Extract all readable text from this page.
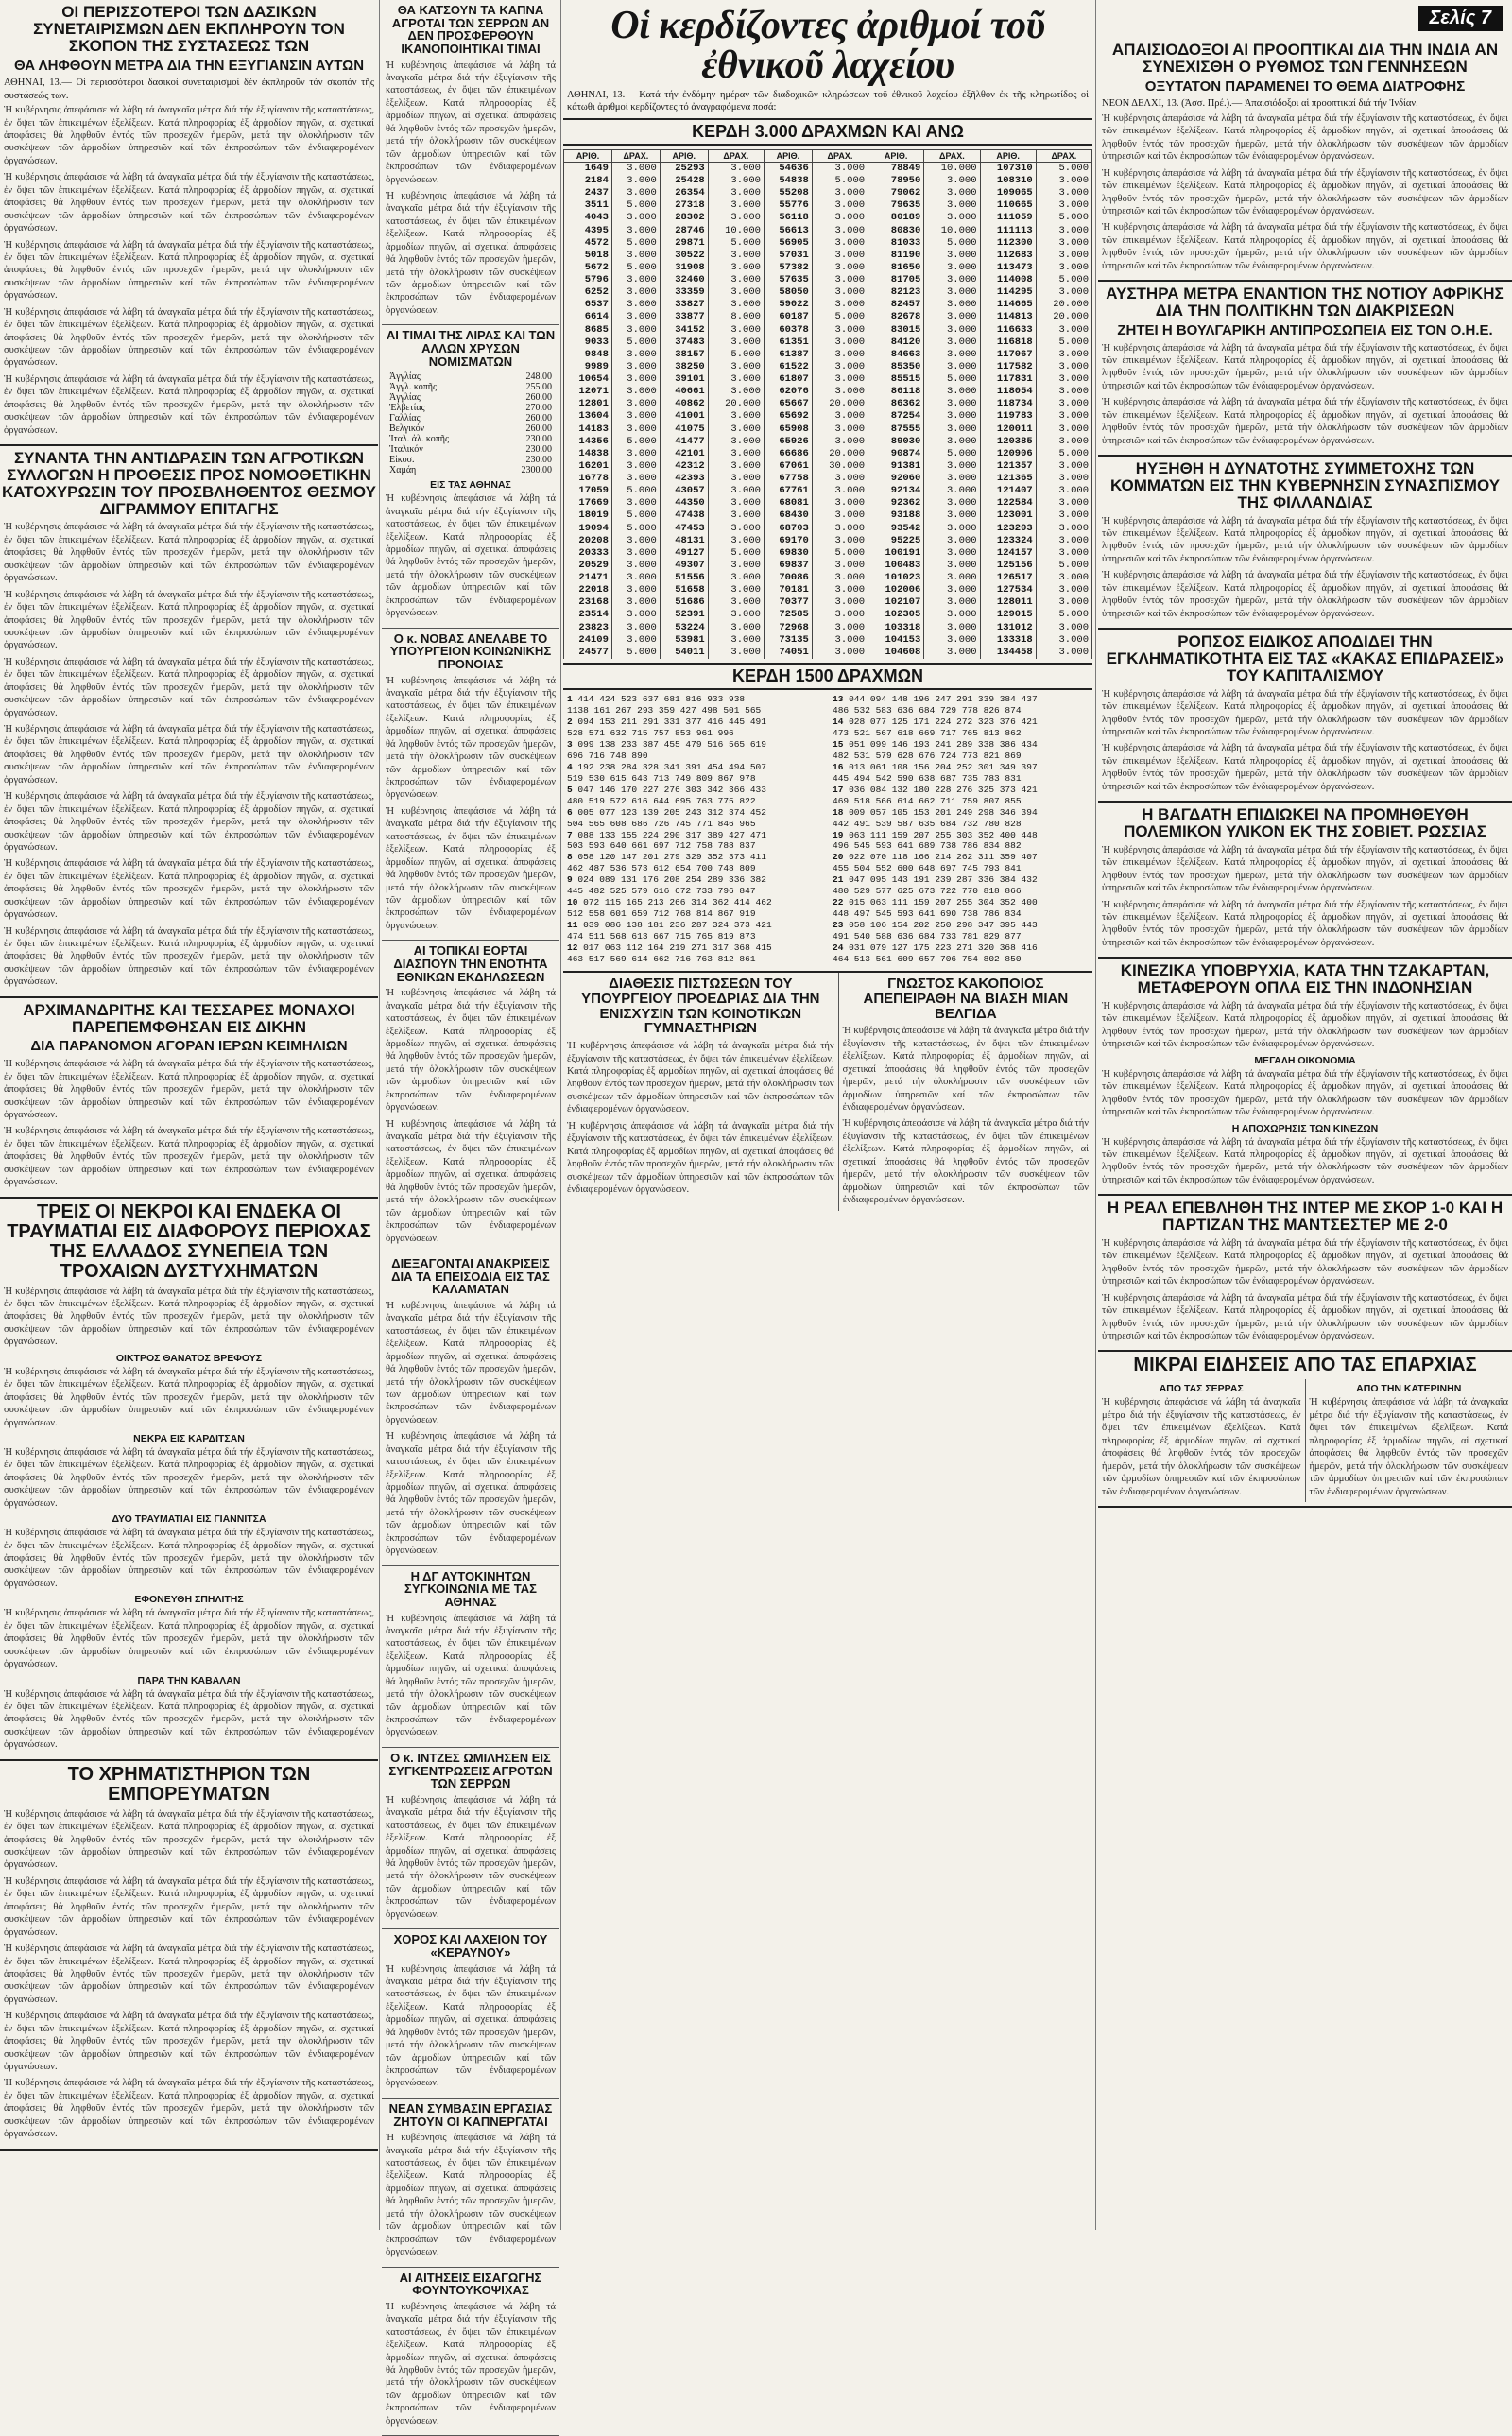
ΟΙ ΠΕΡΙΣΣΟΤΕΡΟΙ ΤΩΝ ΔΑΣΙΚΩΝ ΣΥΝΕΤΑΙΡΙΣΜΩΝ ΔΕΝ ΕΚΠΛΗΡΟΥΝ ΤΟΝ ΣΚΟΠΟΝ ΤΗΣ ΣΥΣΤΑΣΕΩΣ ΤΩΝ
ΘΑ ΛΗΦΘΟΥΝ ΜΕΤΡΑ ΔΙΑ ΤΗΝ ΕΞΥΓΙΑΝΣΙΝ ΑΥΤΩΝ
ΑΘΗΝΑΙ, 13.— Οἱ περισσότεροι δασικοί συνεταιρισμοί δέν ἐκπληροῦν τόν σκοπόν τῆς συστάσεώς των.
Ἡ κυβέρνησις ἀπεφάσισε νά λάβη τά ἀναγκαῖα μέτρα διά τήν ἐξυγίανσιν τῆς καταστάσεως, ἐν ὄψει τῶν ἐπικειμένων ἐξελίξεων. Κατά πληροφορίας ἐξ ἁρμοδίων πηγῶν, αἱ σχετικαί ἀποφάσεις θά ληφθοῦν ἐντός τῶν προσεχῶν ἡμερῶν, μετά τήν ὁλοκλήρωσιν τῶν συσκέψεων τῶν ἁρμοδίων ὑπηρεσιῶν καί τῶν ἐκπροσώπων τῶν ἐνδιαφερομένων ὀργανώσεων.
Ἡ κυβέρνησις ἀπεφάσισε νά λάβη τά ἀναγκαῖα μέτρα διά τήν ἐξυγίανσιν τῆς καταστάσεως, ἐν ὄψει τῶν ἐπικειμένων ἐξελίξεων. Κατά πληροφορίας ἐξ ἁρμοδίων πηγῶν, αἱ σχετικαί ἀποφάσεις θά ληφθοῦν ἐντός τῶν προσεχῶν ἡμερῶν, μετά τήν ὁλοκλήρωσιν τῶν συσκέψεων τῶν ἁρμοδίων ὑπηρεσιῶν καί τῶν ἐκπροσώπων τῶν ἐνδιαφερομένων ὀργανώσεων.
Ἡ κυβέρνησις ἀπεφάσισε νά λάβη τά ἀναγκαῖα μέτρα διά τήν ἐξυγίανσιν τῆς καταστάσεως, ἐν ὄψει τῶν ἐπικειμένων ἐξελίξεων. Κατά πληροφορίας ἐξ ἁρμοδίων πηγῶν, αἱ σχετικαί ἀποφάσεις θά ληφθοῦν ἐντός τῶν προσεχῶν ἡμερῶν, μετά τήν ὁλοκλήρωσιν τῶν συσκέψεων τῶν ἁρμοδίων ὑπηρεσιῶν καί τῶν ἐκπροσώπων τῶν ἐνδιαφερομένων ὀργανώσεων.
Ἡ κυβέρνησις ἀπεφάσισε νά λάβη τά ἀναγκαῖα μέτρα διά τήν ἐξυγίανσιν τῆς καταστάσεως, ἐν ὄψει τῶν ἐπικειμένων ἐξελίξεων. Κατά πληροφορίας ἐξ ἁρμοδίων πηγῶν, αἱ σχετικαί ἀποφάσεις θά ληφθοῦν ἐντός τῶν προσεχῶν ἡμερῶν, μετά τήν ὁλοκλήρωσιν τῶν συσκέψεων τῶν ἁρμοδίων ὑπηρεσιῶν καί τῶν ἐκπροσώπων τῶν ἐνδιαφερομένων ὀργανώσεων.
Ἡ κυβέρνησις ἀπεφάσισε νά λάβη τά ἀναγκαῖα μέτρα διά τήν ἐξυγίανσιν τῆς καταστάσεως, ἐν ὄψει τῶν ἐπικειμένων ἐξελίξεων. Κατά πληροφορίας ἐξ ἁρμοδίων πηγῶν, αἱ σχετικαί ἀποφάσεις θά ληφθοῦν ἐντός τῶν προσεχῶν ἡμερῶν, μετά τήν ὁλοκλήρωσιν τῶν συσκέψεων τῶν ἁρμοδίων ὑπηρεσιῶν καί τῶν ἐκπροσώπων τῶν ἐνδιαφερομένων ὀργανώσεων.
ΣΥΝΑΝΤΑ ΤΗΝ ΑΝΤΙΔΡΑΣΙΝ ΤΩΝ ΑΓΡΟΤΙΚΩΝ ΣΥΛΛΟΓΩΝ Η ΠΡΟΘΕΣΙΣ ΠΡΟΣ ΝΟΜΟΘΕΤΙΚΗΝ ΚΑΤΟΧΥΡΩΣΙΝ ΤΟΥ ΠΡΟΣΒΛΗΘΕΝΤΟΣ ΘΕΣΜΟΥ ΔΙΓΡΑΜΜΟΥ ΕΠΙΤΑΓΗΣ
Ἡ κυβέρνησις ἀπεφάσισε νά λάβη τά ἀναγκαῖα μέτρα διά τήν ἐξυγίανσιν τῆς καταστάσεως, ἐν ὄψει τῶν ἐπικειμένων ἐξελίξεων. Κατά πληροφορίας ἐξ ἁρμοδίων πηγῶν, αἱ σχετικαί ἀποφάσεις θά ληφθοῦν ἐντός τῶν προσεχῶν ἡμερῶν, μετά τήν ὁλοκλήρωσιν τῶν συσκέψεων τῶν ἁρμοδίων ὑπηρεσιῶν καί τῶν ἐκπροσώπων τῶν ἐνδιαφερομένων ὀργανώσεων.
Ἡ κυβέρνησις ἀπεφάσισε νά λάβη τά ἀναγκαῖα μέτρα διά τήν ἐξυγίανσιν τῆς καταστάσεως, ἐν ὄψει τῶν ἐπικειμένων ἐξελίξεων. Κατά πληροφορίας ἐξ ἁρμοδίων πηγῶν, αἱ σχετικαί ἀποφάσεις θά ληφθοῦν ἐντός τῶν προσεχῶν ἡμερῶν, μετά τήν ὁλοκλήρωσιν τῶν συσκέψεων τῶν ἁρμοδίων ὑπηρεσιῶν καί τῶν ἐκπροσώπων τῶν ἐνδιαφερομένων ὀργανώσεων.
Ἡ κυβέρνησις ἀπεφάσισε νά λάβη τά ἀναγκαῖα μέτρα διά τήν ἐξυγίανσιν τῆς καταστάσεως, ἐν ὄψει τῶν ἐπικειμένων ἐξελίξεων. Κατά πληροφορίας ἐξ ἁρμοδίων πηγῶν, αἱ σχετικαί ἀποφάσεις θά ληφθοῦν ἐντός τῶν προσεχῶν ἡμερῶν, μετά τήν ὁλοκλήρωσιν τῶν συσκέψεων τῶν ἁρμοδίων ὑπηρεσιῶν καί τῶν ἐκπροσώπων τῶν ἐνδιαφερομένων ὀργανώσεων.
Ἡ κυβέρνησις ἀπεφάσισε νά λάβη τά ἀναγκαῖα μέτρα διά τήν ἐξυγίανσιν τῆς καταστάσεως, ἐν ὄψει τῶν ἐπικειμένων ἐξελίξεων. Κατά πληροφορίας ἐξ ἁρμοδίων πηγῶν, αἱ σχετικαί ἀποφάσεις θά ληφθοῦν ἐντός τῶν προσεχῶν ἡμερῶν, μετά τήν ὁλοκλήρωσιν τῶν συσκέψεων τῶν ἁρμοδίων ὑπηρεσιῶν καί τῶν ἐκπροσώπων τῶν ἐνδιαφερομένων ὀργανώσεων.
Ἡ κυβέρνησις ἀπεφάσισε νά λάβη τά ἀναγκαῖα μέτρα διά τήν ἐξυγίανσιν τῆς καταστάσεως, ἐν ὄψει τῶν ἐπικειμένων ἐξελίξεων. Κατά πληροφορίας ἐξ ἁρμοδίων πηγῶν, αἱ σχετικαί ἀποφάσεις θά ληφθοῦν ἐντός τῶν προσεχῶν ἡμερῶν, μετά τήν ὁλοκλήρωσιν τῶν συσκέψεων τῶν ἁρμοδίων ὑπηρεσιῶν καί τῶν ἐκπροσώπων τῶν ἐνδιαφερομένων ὀργανώσεων.
Ἡ κυβέρνησις ἀπεφάσισε νά λάβη τά ἀναγκαῖα μέτρα διά τήν ἐξυγίανσιν τῆς καταστάσεως, ἐν ὄψει τῶν ἐπικειμένων ἐξελίξεων. Κατά πληροφορίας ἐξ ἁρμοδίων πηγῶν, αἱ σχετικαί ἀποφάσεις θά ληφθοῦν ἐντός τῶν προσεχῶν ἡμερῶν, μετά τήν ὁλοκλήρωσιν τῶν συσκέψεων τῶν ἁρμοδίων ὑπηρεσιῶν καί τῶν ἐκπροσώπων τῶν ἐνδιαφερομένων ὀργανώσεων.
Ἡ κυβέρνησις ἀπεφάσισε νά λάβη τά ἀναγκαῖα μέτρα διά τήν ἐξυγίανσιν τῆς καταστάσεως, ἐν ὄψει τῶν ἐπικειμένων ἐξελίξεων. Κατά πληροφορίας ἐξ ἁρμοδίων πηγῶν, αἱ σχετικαί ἀποφάσεις θά ληφθοῦν ἐντός τῶν προσεχῶν ἡμερῶν, μετά τήν ὁλοκλήρωσιν τῶν συσκέψεων τῶν ἁρμοδίων ὑπηρεσιῶν καί τῶν ἐκπροσώπων τῶν ἐνδιαφερομένων ὀργανώσεων.
ΑΡΧΙΜΑΝΔΡΙΤΗΣ ΚΑΙ ΤΕΣΣΑΡΕΣ ΜΟΝΑΧΟΙ ΠΑΡΕΠΕΜΦΘΗΣΑΝ ΕΙΣ ΔΙΚΗΝ
ΔΙΑ ΠΑΡΑΝΟΜΟΝ ΑΓΟΡΑΝ ΙΕΡΩΝ ΚΕΙΜΗΛΙΩΝ
Ἡ κυβέρνησις ἀπεφάσισε νά λάβη τά ἀναγκαῖα μέτρα διά τήν ἐξυγίανσιν τῆς καταστάσεως, ἐν ὄψει τῶν ἐπικειμένων ἐξελίξεων. Κατά πληροφορίας ἐξ ἁρμοδίων πηγῶν, αἱ σχετικαί ἀποφάσεις θά ληφθοῦν ἐντός τῶν προσεχῶν ἡμερῶν, μετά τήν ὁλοκλήρωσιν τῶν συσκέψεων τῶν ἁρμοδίων ὑπηρεσιῶν καί τῶν ἐκπροσώπων τῶν ἐνδιαφερομένων ὀργανώσεων.
Ἡ κυβέρνησις ἀπεφάσισε νά λάβη τά ἀναγκαῖα μέτρα διά τήν ἐξυγίανσιν τῆς καταστάσεως, ἐν ὄψει τῶν ἐπικειμένων ἐξελίξεων. Κατά πληροφορίας ἐξ ἁρμοδίων πηγῶν, αἱ σχετικαί ἀποφάσεις θά ληφθοῦν ἐντός τῶν προσεχῶν ἡμερῶν, μετά τήν ὁλοκλήρωσιν τῶν συσκέψεων τῶν ἁρμοδίων ὑπηρεσιῶν καί τῶν ἐκπροσώπων τῶν ἐνδιαφερομένων ὀργανώσεων.
ΤΡΕΙΣ ΟΙ ΝΕΚΡΟΙ ΚΑΙ ΕΝΔΕΚΑ ΟΙ ΤΡΑΥΜΑΤΙΑΙ ΕΙΣ ΔΙΑΦΟΡΟΥΣ ΠΕΡΙΟΧΑΣ ΤΗΣ ΕΛΛΑΔΟΣ ΣΥΝΕΠΕΙΑ ΤΩΝ ΤΡΟΧΑΙΩΝ ΔΥΣΤΥΧΗΜΑΤΩΝ
Ἡ κυβέρνησις ἀπεφάσισε νά λάβη τά ἀναγκαῖα μέτρα διά τήν ἐξυγίανσιν τῆς καταστάσεως, ἐν ὄψει τῶν ἐπικειμένων ἐξελίξεων. Κατά πληροφορίας ἐξ ἁρμοδίων πηγῶν, αἱ σχετικαί ἀποφάσεις θά ληφθοῦν ἐντός τῶν προσεχῶν ἡμερῶν, μετά τήν ὁλοκλήρωσιν τῶν συσκέψεων τῶν ἁρμοδίων ὑπηρεσιῶν καί τῶν ἐκπροσώπων τῶν ἐνδιαφερομένων ὀργανώσεων.
ΟΙΚΤΡΟΣ ΘΑΝΑΤΟΣ ΒΡΕΦΟΥΣ
Ἡ κυβέρνησις ἀπεφάσισε νά λάβη τά ἀναγκαῖα μέτρα διά τήν ἐξυγίανσιν τῆς καταστάσεως, ἐν ὄψει τῶν ἐπικειμένων ἐξελίξεων. Κατά πληροφορίας ἐξ ἁρμοδίων πηγῶν, αἱ σχετικαί ἀποφάσεις θά ληφθοῦν ἐντός τῶν προσεχῶν ἡμερῶν, μετά τήν ὁλοκλήρωσιν τῶν συσκέψεων τῶν ἁρμοδίων ὑπηρεσιῶν καί τῶν ἐκπροσώπων τῶν ἐνδιαφερομένων ὀργανώσεων.
ΝΕΚΡΑ ΕΙΣ ΚΑΡΔΙΤΣΑΝ
Ἡ κυβέρνησις ἀπεφάσισε νά λάβη τά ἀναγκαῖα μέτρα διά τήν ἐξυγίανσιν τῆς καταστάσεως, ἐν ὄψει τῶν ἐπικειμένων ἐξελίξεων. Κατά πληροφορίας ἐξ ἁρμοδίων πηγῶν, αἱ σχετικαί ἀποφάσεις θά ληφθοῦν ἐντός τῶν προσεχῶν ἡμερῶν, μετά τήν ὁλοκλήρωσιν τῶν συσκέψεων τῶν ἁρμοδίων ὑπηρεσιῶν καί τῶν ἐκπροσώπων τῶν ἐνδιαφερομένων ὀργανώσεων.
ΔΥΟ ΤΡΑΥΜΑΤΙΑΙ ΕΙΣ ΓΙΑΝΝΙΤΣΑ
Ἡ κυβέρνησις ἀπεφάσισε νά λάβη τά ἀναγκαῖα μέτρα διά τήν ἐξυγίανσιν τῆς καταστάσεως, ἐν ὄψει τῶν ἐπικειμένων ἐξελίξεων. Κατά πληροφορίας ἐξ ἁρμοδίων πηγῶν, αἱ σχετικαί ἀποφάσεις θά ληφθοῦν ἐντός τῶν προσεχῶν ἡμερῶν, μετά τήν ὁλοκλήρωσιν τῶν συσκέψεων τῶν ἁρμοδίων ὑπηρεσιῶν καί τῶν ἐκπροσώπων τῶν ἐνδιαφερομένων ὀργανώσεων.
ΕΦΟΝΕΥΘΗ ΣΠΗΛΙΤΗΣ
Ἡ κυβέρνησις ἀπεφάσισε νά λάβη τά ἀναγκαῖα μέτρα διά τήν ἐξυγίανσιν τῆς καταστάσεως, ἐν ὄψει τῶν ἐπικειμένων ἐξελίξεων. Κατά πληροφορίας ἐξ ἁρμοδίων πηγῶν, αἱ σχετικαί ἀποφάσεις θά ληφθοῦν ἐντός τῶν προσεχῶν ἡμερῶν, μετά τήν ὁλοκλήρωσιν τῶν συσκέψεων τῶν ἁρμοδίων ὑπηρεσιῶν καί τῶν ἐκπροσώπων τῶν ἐνδιαφερομένων ὀργανώσεων.
ΠΑΡΑ ΤΗΝ ΚΑΒΑΛΑΝ
Ἡ κυβέρνησις ἀπεφάσισε νά λάβη τά ἀναγκαῖα μέτρα διά τήν ἐξυγίανσιν τῆς καταστάσεως, ἐν ὄψει τῶν ἐπικειμένων ἐξελίξεων. Κατά πληροφορίας ἐξ ἁρμοδίων πηγῶν, αἱ σχετικαί ἀποφάσεις θά ληφθοῦν ἐντός τῶν προσεχῶν ἡμερῶν, μετά τήν ὁλοκλήρωσιν τῶν συσκέψεων τῶν ἁρμοδίων ὑπηρεσιῶν καί τῶν ἐκπροσώπων τῶν ἐνδιαφερομένων ὀργανώσεων.
ΤΟ ΧΡΗΜΑΤΙΣΤΗΡΙΟΝ ΤΩΝ ΕΜΠΟΡΕΥΜΑΤΩΝ
Ἡ κυβέρνησις ἀπεφάσισε νά λάβη τά ἀναγκαῖα μέτρα διά τήν ἐξυγίανσιν τῆς καταστάσεως, ἐν ὄψει τῶν ἐπικειμένων ἐξελίξεων. Κατά πληροφορίας ἐξ ἁρμοδίων πηγῶν, αἱ σχετικαί ἀποφάσεις θά ληφθοῦν ἐντός τῶν προσεχῶν ἡμερῶν, μετά τήν ὁλοκλήρωσιν τῶν συσκέψεων τῶν ἁρμοδίων ὑπηρεσιῶν καί τῶν ἐκπροσώπων τῶν ἐνδιαφερομένων ὀργανώσεων.
Ἡ κυβέρνησις ἀπεφάσισε νά λάβη τά ἀναγκαῖα μέτρα διά τήν ἐξυγίανσιν τῆς καταστάσεως, ἐν ὄψει τῶν ἐπικειμένων ἐξελίξεων. Κατά πληροφορίας ἐξ ἁρμοδίων πηγῶν, αἱ σχετικαί ἀποφάσεις θά ληφθοῦν ἐντός τῶν προσεχῶν ἡμερῶν, μετά τήν ὁλοκλήρωσιν τῶν συσκέψεων τῶν ἁρμοδίων ὑπηρεσιῶν καί τῶν ἐκπροσώπων τῶν ἐνδιαφερομένων ὀργανώσεων.
Ἡ κυβέρνησις ἀπεφάσισε νά λάβη τά ἀναγκαῖα μέτρα διά τήν ἐξυγίανσιν τῆς καταστάσεως, ἐν ὄψει τῶν ἐπικειμένων ἐξελίξεων. Κατά πληροφορίας ἐξ ἁρμοδίων πηγῶν, αἱ σχετικαί ἀποφάσεις θά ληφθοῦν ἐντός τῶν προσεχῶν ἡμερῶν, μετά τήν ὁλοκλήρωσιν τῶν συσκέψεων τῶν ἁρμοδίων ὑπηρεσιῶν καί τῶν ἐκπροσώπων τῶν ἐνδιαφερομένων ὀργανώσεων.
Ἡ κυβέρνησις ἀπεφάσισε νά λάβη τά ἀναγκαῖα μέτρα διά τήν ἐξυγίανσιν τῆς καταστάσεως, ἐν ὄψει τῶν ἐπικειμένων ἐξελίξεων. Κατά πληροφορίας ἐξ ἁρμοδίων πηγῶν, αἱ σχετικαί ἀποφάσεις θά ληφθοῦν ἐντός τῶν προσεχῶν ἡμερῶν, μετά τήν ὁλοκλήρωσιν τῶν συσκέψεων τῶν ἁρμοδίων ὑπηρεσιῶν καί τῶν ἐκπροσώπων τῶν ἐνδιαφερομένων ὀργανώσεων.
Ἡ κυβέρνησις ἀπεφάσισε νά λάβη τά ἀναγκαῖα μέτρα διά τήν ἐξυγίανσιν τῆς καταστάσεως, ἐν ὄψει τῶν ἐπικειμένων ἐξελίξεων. Κατά πληροφορίας ἐξ ἁρμοδίων πηγῶν, αἱ σχετικαί ἀποφάσεις θά ληφθοῦν ἐντός τῶν προσεχῶν ἡμερῶν, μετά τήν ὁλοκλήρωσιν τῶν συσκέψεων τῶν ἁρμοδίων ὑπηρεσιῶν καί τῶν ἐκπροσώπων τῶν ἐνδιαφερομένων ὀργανώσεων.
ΘΑ ΚΑΤΣΟΥΝ ΤΑ ΚΑΠΝΑ ΑΓΡΟΤΑΙ ΤΩΝ ΣΕΡΡΩΝ ΑΝ ΔΕΝ ΠΡΟΣΦΕΡΘΟΥΝ ΙΚΑΝΟΠΟΙΗΤΙΚΑΙ ΤΙΜΑΙ
Ἡ κυβέρνησις ἀπεφάσισε νά λάβη τά ἀναγκαῖα μέτρα διά τήν ἐξυγίανσιν τῆς καταστάσεως, ἐν ὄψει τῶν ἐπικειμένων ἐξελίξεων. Κατά πληροφορίας ἐξ ἁρμοδίων πηγῶν, αἱ σχετικαί ἀποφάσεις θά ληφθοῦν ἐντός τῶν προσεχῶν ἡμερῶν, μετά τήν ὁλοκλήρωσιν τῶν συσκέψεων τῶν ἁρμοδίων ὑπηρεσιῶν καί τῶν ἐκπροσώπων τῶν ἐνδιαφερομένων ὀργανώσεων.
Ἡ κυβέρνησις ἀπεφάσισε νά λάβη τά ἀναγκαῖα μέτρα διά τήν ἐξυγίανσιν τῆς καταστάσεως, ἐν ὄψει τῶν ἐπικειμένων ἐξελίξεων. Κατά πληροφορίας ἐξ ἁρμοδίων πηγῶν, αἱ σχετικαί ἀποφάσεις θά ληφθοῦν ἐντός τῶν προσεχῶν ἡμερῶν, μετά τήν ὁλοκλήρωσιν τῶν συσκέψεων τῶν ἁρμοδίων ὑπηρεσιῶν καί τῶν ἐκπροσώπων τῶν ἐνδιαφερομένων ὀργανώσεων.
ΑΙ ΤΙΜΑΙ ΤΗΣ ΛΙΡΑΣ ΚΑΙ ΤΩΝ ΑΛΛΩΝ ΧΡΥΣΩΝ ΝΟΜΙΣΜΑΤΩΝ
Ἀγγλίας	248.00
Ἀγγλ. κοπῆς	255.00
Ἀγγλίας	260.00
Ἑλβετίας	270.00
Γαλλίας	260.00
Βελγικόν	260.00
Ἰταλ. ἀλ. κοπῆς	230.00
Ἰταλικόν	230.00
Εἰκοσ.	230.00
Χαμάη	2300.00
ΕΙΣ ΤΑΣ ΑΘΗΝΑΣ
Ἡ κυβέρνησις ἀπεφάσισε νά λάβη τά ἀναγκαῖα μέτρα διά τήν ἐξυγίανσιν τῆς καταστάσεως, ἐν ὄψει τῶν ἐπικειμένων ἐξελίξεων. Κατά πληροφορίας ἐξ ἁρμοδίων πηγῶν, αἱ σχετικαί ἀποφάσεις θά ληφθοῦν ἐντός τῶν προσεχῶν ἡμερῶν, μετά τήν ὁλοκλήρωσιν τῶν συσκέψεων τῶν ἁρμοδίων ὑπηρεσιῶν καί τῶν ἐκπροσώπων τῶν ἐνδιαφερομένων ὀργανώσεων.
Ο κ. ΝΟΒΑΣ ΑΝΕΛΑΒΕ ΤΟ ΥΠΟΥΡΓΕΙΟΝ ΚΟΙΝΩΝΙΚΗΣ ΠΡΟΝΟΙΑΣ
Ἡ κυβέρνησις ἀπεφάσισε νά λάβη τά ἀναγκαῖα μέτρα διά τήν ἐξυγίανσιν τῆς καταστάσεως, ἐν ὄψει τῶν ἐπικειμένων ἐξελίξεων. Κατά πληροφορίας ἐξ ἁρμοδίων πηγῶν, αἱ σχετικαί ἀποφάσεις θά ληφθοῦν ἐντός τῶν προσεχῶν ἡμερῶν, μετά τήν ὁλοκλήρωσιν τῶν συσκέψεων τῶν ἁρμοδίων ὑπηρεσιῶν καί τῶν ἐκπροσώπων τῶν ἐνδιαφερομένων ὀργανώσεων.
Ἡ κυβέρνησις ἀπεφάσισε νά λάβη τά ἀναγκαῖα μέτρα διά τήν ἐξυγίανσιν τῆς καταστάσεως, ἐν ὄψει τῶν ἐπικειμένων ἐξελίξεων. Κατά πληροφορίας ἐξ ἁρμοδίων πηγῶν, αἱ σχετικαί ἀποφάσεις θά ληφθοῦν ἐντός τῶν προσεχῶν ἡμερῶν, μετά τήν ὁλοκλήρωσιν τῶν συσκέψεων τῶν ἁρμοδίων ὑπηρεσιῶν καί τῶν ἐκπροσώπων τῶν ἐνδιαφερομένων ὀργανώσεων.
ΑΙ ΤΟΠΙΚΑΙ ΕΟΡΤΑΙ ΔΙΑΣΠΟΥΝ ΤΗΝ ΕΝΟΤΗΤΑ ΕΘΝΙΚΩΝ ΕΚΔΗΛΩΣΕΩΝ
Ἡ κυβέρνησις ἀπεφάσισε νά λάβη τά ἀναγκαῖα μέτρα διά τήν ἐξυγίανσιν τῆς καταστάσεως, ἐν ὄψει τῶν ἐπικειμένων ἐξελίξεων. Κατά πληροφορίας ἐξ ἁρμοδίων πηγῶν, αἱ σχετικαί ἀποφάσεις θά ληφθοῦν ἐντός τῶν προσεχῶν ἡμερῶν, μετά τήν ὁλοκλήρωσιν τῶν συσκέψεων τῶν ἁρμοδίων ὑπηρεσιῶν καί τῶν ἐκπροσώπων τῶν ἐνδιαφερομένων ὀργανώσεων.
Ἡ κυβέρνησις ἀπεφάσισε νά λάβη τά ἀναγκαῖα μέτρα διά τήν ἐξυγίανσιν τῆς καταστάσεως, ἐν ὄψει τῶν ἐπικειμένων ἐξελίξεων. Κατά πληροφορίας ἐξ ἁρμοδίων πηγῶν, αἱ σχετικαί ἀποφάσεις θά ληφθοῦν ἐντός τῶν προσεχῶν ἡμερῶν, μετά τήν ὁλοκλήρωσιν τῶν συσκέψεων τῶν ἁρμοδίων ὑπηρεσιῶν καί τῶν ἐκπροσώπων τῶν ἐνδιαφερομένων ὀργανώσεων.
ΔΙΕΞΑΓΟΝΤΑΙ ΑΝΑΚΡΙΣΕΙΣ ΔΙΑ ΤΑ ΕΠΕΙΣΟΔΙΑ ΕΙΣ ΤΑΣ ΚΑΛΑΜΑΤΑΝ
Ἡ κυβέρνησις ἀπεφάσισε νά λάβη τά ἀναγκαῖα μέτρα διά τήν ἐξυγίανσιν τῆς καταστάσεως, ἐν ὄψει τῶν ἐπικειμένων ἐξελίξεων. Κατά πληροφορίας ἐξ ἁρμοδίων πηγῶν, αἱ σχετικαί ἀποφάσεις θά ληφθοῦν ἐντός τῶν προσεχῶν ἡμερῶν, μετά τήν ὁλοκλήρωσιν τῶν συσκέψεων τῶν ἁρμοδίων ὑπηρεσιῶν καί τῶν ἐκπροσώπων τῶν ἐνδιαφερομένων ὀργανώσεων.
Ἡ κυβέρνησις ἀπεφάσισε νά λάβη τά ἀναγκαῖα μέτρα διά τήν ἐξυγίανσιν τῆς καταστάσεως, ἐν ὄψει τῶν ἐπικειμένων ἐξελίξεων. Κατά πληροφορίας ἐξ ἁρμοδίων πηγῶν, αἱ σχετικαί ἀποφάσεις θά ληφθοῦν ἐντός τῶν προσεχῶν ἡμερῶν, μετά τήν ὁλοκλήρωσιν τῶν συσκέψεων τῶν ἁρμοδίων ὑπηρεσιῶν καί τῶν ἐκπροσώπων τῶν ἐνδιαφερομένων ὀργανώσεων.
Η ΔΓ ΑΥΤΟΚΙΝΗΤΩΝ ΣΥΓΚΟΙΝΩΝΙΑ ΜΕ ΤΑΣ ΑΘΗΝΑΣ
Ἡ κυβέρνησις ἀπεφάσισε νά λάβη τά ἀναγκαῖα μέτρα διά τήν ἐξυγίανσιν τῆς καταστάσεως, ἐν ὄψει τῶν ἐπικειμένων ἐξελίξεων. Κατά πληροφορίας ἐξ ἁρμοδίων πηγῶν, αἱ σχετικαί ἀποφάσεις θά ληφθοῦν ἐντός τῶν προσεχῶν ἡμερῶν, μετά τήν ὁλοκλήρωσιν τῶν συσκέψεων τῶν ἁρμοδίων ὑπηρεσιῶν καί τῶν ἐκπροσώπων τῶν ἐνδιαφερομένων ὀργανώσεων.
Ο κ. ΙΝΤΖΕΣ ΩΜΙΛΗΣΕΝ ΕΙΣ ΣΥΓΚΕΝΤΡΩΣΕΙΣ ΑΓΡΟΤΩΝ ΤΩΝ ΣΕΡΡΩΝ
Ἡ κυβέρνησις ἀπεφάσισε νά λάβη τά ἀναγκαῖα μέτρα διά τήν ἐξυγίανσιν τῆς καταστάσεως, ἐν ὄψει τῶν ἐπικειμένων ἐξελίξεων. Κατά πληροφορίας ἐξ ἁρμοδίων πηγῶν, αἱ σχετικαί ἀποφάσεις θά ληφθοῦν ἐντός τῶν προσεχῶν ἡμερῶν, μετά τήν ὁλοκλήρωσιν τῶν συσκέψεων τῶν ἁρμοδίων ὑπηρεσιῶν καί τῶν ἐκπροσώπων τῶν ἐνδιαφερομένων ὀργανώσεων.
ΧΟΡΟΣ ΚΑΙ ΛΑΧΕΙΟΝ ΤΟΥ «ΚΕΡΑΥΝΟΥ»
Ἡ κυβέρνησις ἀπεφάσισε νά λάβη τά ἀναγκαῖα μέτρα διά τήν ἐξυγίανσιν τῆς καταστάσεως, ἐν ὄψει τῶν ἐπικειμένων ἐξελίξεων. Κατά πληροφορίας ἐξ ἁρμοδίων πηγῶν, αἱ σχετικαί ἀποφάσεις θά ληφθοῦν ἐντός τῶν προσεχῶν ἡμερῶν, μετά τήν ὁλοκλήρωσιν τῶν συσκέψεων τῶν ἁρμοδίων ὑπηρεσιῶν καί τῶν ἐκπροσώπων τῶν ἐνδιαφερομένων ὀργανώσεων.
ΝΕΑΝ ΣΥΜΒΑΣΙΝ ΕΡΓΑΣΙΑΣ ΖΗΤΟΥΝ ΟΙ ΚΑΠΝΕΡΓΑΤΑΙ
Ἡ κυβέρνησις ἀπεφάσισε νά λάβη τά ἀναγκαῖα μέτρα διά τήν ἐξυγίανσιν τῆς καταστάσεως, ἐν ὄψει τῶν ἐπικειμένων ἐξελίξεων. Κατά πληροφορίας ἐξ ἁρμοδίων πηγῶν, αἱ σχετικαί ἀποφάσεις θά ληφθοῦν ἐντός τῶν προσεχῶν ἡμερῶν, μετά τήν ὁλοκλήρωσιν τῶν συσκέψεων τῶν ἁρμοδίων ὑπηρεσιῶν καί τῶν ἐκπροσώπων τῶν ἐνδιαφερομένων ὀργανώσεων.
ΑΙ ΑΙΤΗΣΕΙΣ ΕΙΣΑΓΩΓΗΣ ΦΟΥΝΤΟΥΚΟΨΙΧΑΣ
Ἡ κυβέρνησις ἀπεφάσισε νά λάβη τά ἀναγκαῖα μέτρα διά τήν ἐξυγίανσιν τῆς καταστάσεως, ἐν ὄψει τῶν ἐπικειμένων ἐξελίξεων. Κατά πληροφορίας ἐξ ἁρμοδίων πηγῶν, αἱ σχετικαί ἀποφάσεις θά ληφθοῦν ἐντός τῶν προσεχῶν ἡμερῶν, μετά τήν ὁλοκλήρωσιν τῶν συσκέψεων τῶν ἁρμοδίων ὑπηρεσιῶν καί τῶν ἐκπροσώπων τῶν ἐνδιαφερομένων ὀργανώσεων.
Οἱ κερδίζοντες ἀριθμοί τοῦ ἐθνικοῦ λαχείου
ΑΘΗΝΑΙ, 13.— Κατά τήν ἐνδόμην ημέραν τῶν διαδοχικῶν κληρώσεων τοῦ ἐθνικοῦ λαχείου ἐξῆλθον ἐκ τῆς κληρωτίδος οἱ κάτωθι ἀριθμοί κερδίζοντες τό ἀναγραφόμενα ποσά:
ΚΕΡΔΗ 3.000 ΔΡΑΧΜΩΝ ΚΑΙ ΑΝΩ
ΑΡΙΘ.	ΔΡΑΧ.	ΑΡΙΘ.	ΔΡΑΧ.	ΑΡΙΘ.	ΔΡΑΧ.	ΑΡΙΘ.	ΔΡΑΧ.	ΑΡΙΘ.	ΔΡΑΧ.
1649	3.000	25293	3.000	54636	3.000	78849	10.000	107310	5.000
2184	3.000	25428	3.000	54838	5.000	78950	3.000	108310	3.000
2437	3.000	26354	3.000	55208	3.000	79062	3.000	109065	3.000
3511	5.000	27318	3.000	55776	3.000	79635	3.000	110665	3.000
4043	3.000	28302	3.000	56118	3.000	80189	3.000	111059	5.000
4395	3.000	28746	10.000	56613	3.000	80830	10.000	111113	3.000
4572	5.000	29871	5.000	56905	3.000	81033	5.000	112300	3.000
5018	3.000	30522	3.000	57031	3.000	81190	3.000	112683	3.000
5672	5.000	31908	3.000	57382	3.000	81650	3.000	113473	3.000
5796	3.000	32460	3.000	57635	3.000	81705	3.000	114008	5.000
6252	3.000	33359	3.000	58050	3.000	82123	3.000	114295	3.000
6537	3.000	33827	3.000	59022	3.000	82457	3.000	114665	20.000
6614	3.000	33877	8.000	60187	5.000	82678	3.000	114813	20.000
8685	3.000	34152	3.000	60378	3.000	83015	3.000	116633	3.000
9033	5.000	37483	3.000	61351	3.000	84120	3.000	116818	5.000
9848	3.000	38157	5.000	61387	3.000	84663	3.000	117067	3.000
9989	3.000	38250	3.000	61522	3.000	85350	3.000	117582	3.000
10654	3.000	39101	3.000	61807	3.000	85515	5.000	117831	3.000
12071	3.000	40661	3.000	62076	3.000	86118	3.000	118054	3.000
12801	3.000	40862	20.000	65667	20.000	86362	3.000	118734	3.000
13604	3.000	41001	3.000	65692	3.000	87254	3.000	119783	3.000
14183	3.000	41075	3.000	65908	3.000	87555	3.000	120011	3.000
14356	5.000	41477	3.000	65926	3.000	89030	3.000	120385	3.000
14838	3.000	42101	3.000	66686	20.000	90874	5.000	120906	5.000
16201	3.000	42312	3.000	67061	30.000	91381	3.000	121357	3.000
16778	3.000	42393	3.000	67758	3.000	92060	3.000	121365	3.000
17059	5.000	43057	3.000	67761	3.000	92134	3.000	121407	3.000
17669	3.000	44350	3.000	68081	3.000	92362	3.000	122584	3.000
18019	5.000	47438	3.000	68430	3.000	93188	3.000	123001	3.000
19094	5.000	47453	3.000	68703	3.000	93542	3.000	123203	3.000
20208	3.000	48131	3.000	69170	3.000	95225	3.000	123324	3.000
20333	3.000	49127	5.000	69830	5.000	100191	3.000	124157	3.000
20529	3.000	49307	3.000	69837	3.000	100483	3.000	125156	5.000
21471	3.000	51556	3.000	70086	3.000	101023	3.000	126517	3.000
22018	3.000	51658	3.000	70181	3.000	102006	3.000	127534	3.000
23168	3.000	51686	3.000	70377	3.000	102107	3.000	128011	3.000
23514	3.000	52391	3.000	72585	3.000	102305	3.000	129015	5.000
23823	3.000	53224	3.000	72968	3.000	103318	3.000	131012	3.000
24109	3.000	53981	3.000	73135	3.000	104153	3.000	133318	3.000
24577	5.000	54011	3.000	74051	3.000	104608	3.000	134458	3.000
ΚΕΡΔΗ 1500 ΔΡΑΧΜΩΝ
1 414 424 523 637 681 816 933 938
1138 161 267 293 359 427 498 501 565
2 094 153 211 291 331 377 416 445 491
528 571 632 715 757 853 961 996
3 099 138 233 387 455 479 516 565 619
696 716 748 890
4 192 238 284 328 341 391 454 494 507
519 530 615 643 713 749 809 867 978
5 047 146 170 227 276 303 342 366 433
480 519 572 616 644 695 763 775 822
6 005 077 123 139 205 243 312 374 452
504 565 608 686 726 745 771 846 965
7 088 133 155 224 290 317 389 427 471
503 593 640 661 697 712 758 788 837
8 058 120 147 201 279 329 352 373 411
462 487 536 573 612 654 700 748 809
9 024 089 131 176 208 254 289 336 382
445 482 525 579 616 672 733 796 847
10 072 115 165 213 266 314 362 414 462
512 558 601 659 712 768 814 867 919
11 039 086 138 181 236 287 324 373 421
474 511 568 613 667 715 765 819 873
12 017 063 112 164 219 271 317 368 415
463 517 569 614 662 716 763 812 861
13 044 094 148 196 247 291 339 384 437
486 532 583 636 684 729 778 826 874
14 028 077 125 171 224 272 323 376 421
473 521 567 618 669 717 765 813 862
15 051 099 146 193 241 289 338 386 434
482 531 579 628 676 724 773 821 869
16 013 061 108 156 204 252 301 349 397
445 494 542 590 638 687 735 783 831
17 036 084 132 180 228 276 325 373 421
469 518 566 614 662 711 759 807 855
18 009 057 105 153 201 249 298 346 394
442 491 539 587 635 684 732 780 828
19 063 111 159 207 255 303 352 400 448
496 545 593 641 689 738 786 834 882
20 022 070 118 166 214 262 311 359 407
455 504 552 600 648 697 745 793 841
21 047 095 143 191 239 287 336 384 432
480 529 577 625 673 722 770 818 866
22 015 063 111 159 207 255 304 352 400
448 497 545 593 641 690 738 786 834
23 058 106 154 202 250 298 347 395 443
491 540 588 636 684 733 781 829 877
24 031 079 127 175 223 271 320 368 416
464 513 561 609 657 706 754 802 850
ΔΙΑΘΕΣΙΣ ΠΙΣΤΩΣΕΩΝ ΤΟΥ ΥΠΟΥΡΓΕΙΟΥ ΠΡΟΕΔΡΙΑΣ ΔΙΑ ΤΗΝ ΕΝΙΣΧΥΣΙΝ ΤΩΝ ΚΟΙΝΟΤΙΚΩΝ ΓΥΜΝΑΣΤΗΡΙΩΝ
Ἡ κυβέρνησις ἀπεφάσισε νά λάβη τά ἀναγκαῖα μέτρα διά τήν ἐξυγίανσιν τῆς καταστάσεως, ἐν ὄψει τῶν ἐπικειμένων ἐξελίξεων. Κατά πληροφορίας ἐξ ἁρμοδίων πηγῶν, αἱ σχετικαί ἀποφάσεις θά ληφθοῦν ἐντός τῶν προσεχῶν ἡμερῶν, μετά τήν ὁλοκλήρωσιν τῶν συσκέψεων τῶν ἁρμοδίων ὑπηρεσιῶν καί τῶν ἐκπροσώπων τῶν ἐνδιαφερομένων ὀργανώσεων.
Ἡ κυβέρνησις ἀπεφάσισε νά λάβη τά ἀναγκαῖα μέτρα διά τήν ἐξυγίανσιν τῆς καταστάσεως, ἐν ὄψει τῶν ἐπικειμένων ἐξελίξεων. Κατά πληροφορίας ἐξ ἁρμοδίων πηγῶν, αἱ σχετικαί ἀποφάσεις θά ληφθοῦν ἐντός τῶν προσεχῶν ἡμερῶν, μετά τήν ὁλοκλήρωσιν τῶν συσκέψεων τῶν ἁρμοδίων ὑπηρεσιῶν καί τῶν ἐκπροσώπων τῶν ἐνδιαφερομένων ὀργανώσεων.
ΓΝΩΣΤΟΣ ΚΑΚΟΠΟΙΟΣ ΑΠΕΠΕΙΡΑΘΗ ΝΑ ΒΙΑΣΗ ΜΙΑΝ ΒΕΛΓΙΔΑ
Ἡ κυβέρνησις ἀπεφάσισε νά λάβη τά ἀναγκαῖα μέτρα διά τήν ἐξυγίανσιν τῆς καταστάσεως, ἐν ὄψει τῶν ἐπικειμένων ἐξελίξεων. Κατά πληροφορίας ἐξ ἁρμοδίων πηγῶν, αἱ σχετικαί ἀποφάσεις θά ληφθοῦν ἐντός τῶν προσεχῶν ἡμερῶν, μετά τήν ὁλοκλήρωσιν τῶν συσκέψεων τῶν ἁρμοδίων ὑπηρεσιῶν καί τῶν ἐκπροσώπων τῶν ἐνδιαφερομένων ὀργανώσεων.
Ἡ κυβέρνησις ἀπεφάσισε νά λάβη τά ἀναγκαῖα μέτρα διά τήν ἐξυγίανσιν τῆς καταστάσεως, ἐν ὄψει τῶν ἐπικειμένων ἐξελίξεων. Κατά πληροφορίας ἐξ ἁρμοδίων πηγῶν, αἱ σχετικαί ἀποφάσεις θά ληφθοῦν ἐντός τῶν προσεχῶν ἡμερῶν, μετά τήν ὁλοκλήρωσιν τῶν συσκέψεων τῶν ἁρμοδίων ὑπηρεσιῶν καί τῶν ἐκπροσώπων τῶν ἐνδιαφερομένων ὀργανώσεων.
Σελίς 7
ΑΠΑΙΣΙΟΔΟΞΟΙ ΑΙ ΠΡΟΟΠΤΙΚΑΙ ΔΙΑ ΤΗΝ ΙΝΔΙΑ ΑΝ ΣΥΝΕΧΙΣΘΗ Ο ΡΥΘΜΟΣ ΤΩΝ ΓΕΝΝΗΣΕΩΝ
ΟΞΥΤΑΤΟΝ ΠΑΡΑΜΕΝΕΙ ΤΟ ΘΕΜΑ ΔΙΑΤΡΟΦΗΣ
ΝΕΟΝ ΔΕΛΧΙ, 13. (Ἀσσ. Πρέ.).— Ἀπαισιόδοξοι αἱ προοπτικαί διά τήν Ἰνδίαν.
Ἡ κυβέρνησις ἀπεφάσισε νά λάβη τά ἀναγκαῖα μέτρα διά τήν ἐξυγίανσιν τῆς καταστάσεως, ἐν ὄψει τῶν ἐπικειμένων ἐξελίξεων. Κατά πληροφορίας ἐξ ἁρμοδίων πηγῶν, αἱ σχετικαί ἀποφάσεις θά ληφθοῦν ἐντός τῶν προσεχῶν ἡμερῶν, μετά τήν ὁλοκλήρωσιν τῶν συσκέψεων τῶν ἁρμοδίων ὑπηρεσιῶν καί τῶν ἐκπροσώπων τῶν ἐνδιαφερομένων ὀργανώσεων.
Ἡ κυβέρνησις ἀπεφάσισε νά λάβη τά ἀναγκαῖα μέτρα διά τήν ἐξυγίανσιν τῆς καταστάσεως, ἐν ὄψει τῶν ἐπικειμένων ἐξελίξεων. Κατά πληροφορίας ἐξ ἁρμοδίων πηγῶν, αἱ σχετικαί ἀποφάσεις θά ληφθοῦν ἐντός τῶν προσεχῶν ἡμερῶν, μετά τήν ὁλοκλήρωσιν τῶν συσκέψεων τῶν ἁρμοδίων ὑπηρεσιῶν καί τῶν ἐκπροσώπων τῶν ἐνδιαφερομένων ὀργανώσεων.
Ἡ κυβέρνησις ἀπεφάσισε νά λάβη τά ἀναγκαῖα μέτρα διά τήν ἐξυγίανσιν τῆς καταστάσεως, ἐν ὄψει τῶν ἐπικειμένων ἐξελίξεων. Κατά πληροφορίας ἐξ ἁρμοδίων πηγῶν, αἱ σχετικαί ἀποφάσεις θά ληφθοῦν ἐντός τῶν προσεχῶν ἡμερῶν, μετά τήν ὁλοκλήρωσιν τῶν συσκέψεων τῶν ἁρμοδίων ὑπηρεσιῶν καί τῶν ἐκπροσώπων τῶν ἐνδιαφερομένων ὀργανώσεων.
ΑΥΣΤΗΡΑ ΜΕΤΡΑ ΕΝΑΝΤΙΟΝ ΤΗΣ ΝΟΤΙΟΥ ΑΦΡΙΚΗΣ ΔΙΑ ΤΗΝ ΠΟΛΙΤΙΚΗΝ ΤΩΝ ΔΙΑΚΡΙΣΕΩΝ
ΖΗΤΕΙ Η ΒΟΥΛΓΑΡΙΚΗ ΑΝΤΙΠΡΟΣΩΠΕΙΑ ΕΙΣ ΤΟΝ Ο.Η.Ε.
Ἡ κυβέρνησις ἀπεφάσισε νά λάβη τά ἀναγκαῖα μέτρα διά τήν ἐξυγίανσιν τῆς καταστάσεως, ἐν ὄψει τῶν ἐπικειμένων ἐξελίξεων. Κατά πληροφορίας ἐξ ἁρμοδίων πηγῶν, αἱ σχετικαί ἀποφάσεις θά ληφθοῦν ἐντός τῶν προσεχῶν ἡμερῶν, μετά τήν ὁλοκλήρωσιν τῶν συσκέψεων τῶν ἁρμοδίων ὑπηρεσιῶν καί τῶν ἐκπροσώπων τῶν ἐνδιαφερομένων ὀργανώσεων.
Ἡ κυβέρνησις ἀπεφάσισε νά λάβη τά ἀναγκαῖα μέτρα διά τήν ἐξυγίανσιν τῆς καταστάσεως, ἐν ὄψει τῶν ἐπικειμένων ἐξελίξεων. Κατά πληροφορίας ἐξ ἁρμοδίων πηγῶν, αἱ σχετικαί ἀποφάσεις θά ληφθοῦν ἐντός τῶν προσεχῶν ἡμερῶν, μετά τήν ὁλοκλήρωσιν τῶν συσκέψεων τῶν ἁρμοδίων ὑπηρεσιῶν καί τῶν ἐκπροσώπων τῶν ἐνδιαφερομένων ὀργανώσεων.
ΗΥΞΗΘΗ Η ΔΥΝΑΤΟΤΗΣ ΣΥΜΜΕΤΟΧΗΣ ΤΩΝ ΚΟΜΜΑΤΩΝ ΕΙΣ ΤΗΝ ΚΥΒΕΡΝΗΣΙΝ ΣΥΝΑΣΠΙΣΜΟΥ ΤΗΣ ΦΙΛΛΑΝΔΙΑΣ
Ἡ κυβέρνησις ἀπεφάσισε νά λάβη τά ἀναγκαῖα μέτρα διά τήν ἐξυγίανσιν τῆς καταστάσεως, ἐν ὄψει τῶν ἐπικειμένων ἐξελίξεων. Κατά πληροφορίας ἐξ ἁρμοδίων πηγῶν, αἱ σχετικαί ἀποφάσεις θά ληφθοῦν ἐντός τῶν προσεχῶν ἡμερῶν, μετά τήν ὁλοκλήρωσιν τῶν συσκέψεων τῶν ἁρμοδίων ὑπηρεσιῶν καί τῶν ἐκπροσώπων τῶν ἐνδιαφερομένων ὀργανώσεων.
Ἡ κυβέρνησις ἀπεφάσισε νά λάβη τά ἀναγκαῖα μέτρα διά τήν ἐξυγίανσιν τῆς καταστάσεως, ἐν ὄψει τῶν ἐπικειμένων ἐξελίξεων. Κατά πληροφορίας ἐξ ἁρμοδίων πηγῶν, αἱ σχετικαί ἀποφάσεις θά ληφθοῦν ἐντός τῶν προσεχῶν ἡμερῶν, μετά τήν ὁλοκλήρωσιν τῶν συσκέψεων τῶν ἁρμοδίων ὑπηρεσιῶν καί τῶν ἐκπροσώπων τῶν ἐνδιαφερομένων ὀργανώσεων.
ΡΟΠΣΟΣ ΕΙΔΙΚΟΣ ΑΠΟΔΙΔΕΙ ΤΗΝ ΕΓΚΛΗΜΑΤΙΚΟΤΗΤΑ ΕΙΣ ΤΑΣ «ΚΑΚΑΣ ΕΠΙΔΡΑΣΕΙΣ» ΤΟΥ ΚΑΠΙΤΑΛΙΣΜΟΥ
Ἡ κυβέρνησις ἀπεφάσισε νά λάβη τά ἀναγκαῖα μέτρα διά τήν ἐξυγίανσιν τῆς καταστάσεως, ἐν ὄψει τῶν ἐπικειμένων ἐξελίξεων. Κατά πληροφορίας ἐξ ἁρμοδίων πηγῶν, αἱ σχετικαί ἀποφάσεις θά ληφθοῦν ἐντός τῶν προσεχῶν ἡμερῶν, μετά τήν ὁλοκλήρωσιν τῶν συσκέψεων τῶν ἁρμοδίων ὑπηρεσιῶν καί τῶν ἐκπροσώπων τῶν ἐνδιαφερομένων ὀργανώσεων.
Ἡ κυβέρνησις ἀπεφάσισε νά λάβη τά ἀναγκαῖα μέτρα διά τήν ἐξυγίανσιν τῆς καταστάσεως, ἐν ὄψει τῶν ἐπικειμένων ἐξελίξεων. Κατά πληροφορίας ἐξ ἁρμοδίων πηγῶν, αἱ σχετικαί ἀποφάσεις θά ληφθοῦν ἐντός τῶν προσεχῶν ἡμερῶν, μετά τήν ὁλοκλήρωσιν τῶν συσκέψεων τῶν ἁρμοδίων ὑπηρεσιῶν καί τῶν ἐκπροσώπων τῶν ἐνδιαφερομένων ὀργανώσεων.
Η ΒΑΓΔΑΤΗ ΕΠΙΔΙΩΚΕΙ ΝΑ ΠΡΟΜΗΘΕΥΘΗ ΠΟΛΕΜΙΚΟΝ ΥΛΙΚΟΝ ΕΚ ΤΗΣ ΣΟΒΙΕΤ. ΡΩΣΣΙΑΣ
Ἡ κυβέρνησις ἀπεφάσισε νά λάβη τά ἀναγκαῖα μέτρα διά τήν ἐξυγίανσιν τῆς καταστάσεως, ἐν ὄψει τῶν ἐπικειμένων ἐξελίξεων. Κατά πληροφορίας ἐξ ἁρμοδίων πηγῶν, αἱ σχετικαί ἀποφάσεις θά ληφθοῦν ἐντός τῶν προσεχῶν ἡμερῶν, μετά τήν ὁλοκλήρωσιν τῶν συσκέψεων τῶν ἁρμοδίων ὑπηρεσιῶν καί τῶν ἐκπροσώπων τῶν ἐνδιαφερομένων ὀργανώσεων.
Ἡ κυβέρνησις ἀπεφάσισε νά λάβη τά ἀναγκαῖα μέτρα διά τήν ἐξυγίανσιν τῆς καταστάσεως, ἐν ὄψει τῶν ἐπικειμένων ἐξελίξεων. Κατά πληροφορίας ἐξ ἁρμοδίων πηγῶν, αἱ σχετικαί ἀποφάσεις θά ληφθοῦν ἐντός τῶν προσεχῶν ἡμερῶν, μετά τήν ὁλοκλήρωσιν τῶν συσκέψεων τῶν ἁρμοδίων ὑπηρεσιῶν καί τῶν ἐκπροσώπων τῶν ἐνδιαφερομένων ὀργανώσεων.
ΚΙΝΕΖΙΚΑ ΥΠΟΒΡΥΧΙΑ, ΚΑΤΑ ΤΗΝ ΤΖΑΚΑΡΤΑΝ, ΜΕΤΑΦΕΡΟΥΝ ΟΠΛΑ ΕΙΣ ΤΗΝ ΙΝΔΟΝΗΣΙΑΝ
Ἡ κυβέρνησις ἀπεφάσισε νά λάβη τά ἀναγκαῖα μέτρα διά τήν ἐξυγίανσιν τῆς καταστάσεως, ἐν ὄψει τῶν ἐπικειμένων ἐξελίξεων. Κατά πληροφορίας ἐξ ἁρμοδίων πηγῶν, αἱ σχετικαί ἀποφάσεις θά ληφθοῦν ἐντός τῶν προσεχῶν ἡμερῶν, μετά τήν ὁλοκλήρωσιν τῶν συσκέψεων τῶν ἁρμοδίων ὑπηρεσιῶν καί τῶν ἐκπροσώπων τῶν ἐνδιαφερομένων ὀργανώσεων.
ΜΕΓΑΛΗ ΟΙΚΟΝΟΜΙΑ
Ἡ κυβέρνησις ἀπεφάσισε νά λάβη τά ἀναγκαῖα μέτρα διά τήν ἐξυγίανσιν τῆς καταστάσεως, ἐν ὄψει τῶν ἐπικειμένων ἐξελίξεων. Κατά πληροφορίας ἐξ ἁρμοδίων πηγῶν, αἱ σχετικαί ἀποφάσεις θά ληφθοῦν ἐντός τῶν προσεχῶν ἡμερῶν, μετά τήν ὁλοκλήρωσιν τῶν συσκέψεων τῶν ἁρμοδίων ὑπηρεσιῶν καί τῶν ἐκπροσώπων τῶν ἐνδιαφερομένων ὀργανώσεων.
Η ΑΠΟΧΩΡΗΣΙΣ ΤΩΝ ΚΙΝΕΖΩΝ
Ἡ κυβέρνησις ἀπεφάσισε νά λάβη τά ἀναγκαῖα μέτρα διά τήν ἐξυγίανσιν τῆς καταστάσεως, ἐν ὄψει τῶν ἐπικειμένων ἐξελίξεων. Κατά πληροφορίας ἐξ ἁρμοδίων πηγῶν, αἱ σχετικαί ἀποφάσεις θά ληφθοῦν ἐντός τῶν προσεχῶν ἡμερῶν, μετά τήν ὁλοκλήρωσιν τῶν συσκέψεων τῶν ἁρμοδίων ὑπηρεσιῶν καί τῶν ἐκπροσώπων τῶν ἐνδιαφερομένων ὀργανώσεων.
Η ΡΕΑΛ ΕΠΕΒΛΗΘΗ ΤΗΣ ΙΝΤΕΡ ΜΕ ΣΚΟΡ 1-0 ΚΑΙ Η ΠΑΡΤΙΖΑΝ ΤΗΣ ΜΑΝΤΣΕΣΤΕΡ ΜΕ 2-0
Ἡ κυβέρνησις ἀπεφάσισε νά λάβη τά ἀναγκαῖα μέτρα διά τήν ἐξυγίανσιν τῆς καταστάσεως, ἐν ὄψει τῶν ἐπικειμένων ἐξελίξεων. Κατά πληροφορίας ἐξ ἁρμοδίων πηγῶν, αἱ σχετικαί ἀποφάσεις θά ληφθοῦν ἐντός τῶν προσεχῶν ἡμερῶν, μετά τήν ὁλοκλήρωσιν τῶν συσκέψεων τῶν ἁρμοδίων ὑπηρεσιῶν καί τῶν ἐκπροσώπων τῶν ἐνδιαφερομένων ὀργανώσεων.
Ἡ κυβέρνησις ἀπεφάσισε νά λάβη τά ἀναγκαῖα μέτρα διά τήν ἐξυγίανσιν τῆς καταστάσεως, ἐν ὄψει τῶν ἐπικειμένων ἐξελίξεων. Κατά πληροφορίας ἐξ ἁρμοδίων πηγῶν, αἱ σχετικαί ἀποφάσεις θά ληφθοῦν ἐντός τῶν προσεχῶν ἡμερῶν, μετά τήν ὁλοκλήρωσιν τῶν συσκέψεων τῶν ἁρμοδίων ὑπηρεσιῶν καί τῶν ἐκπροσώπων τῶν ἐνδιαφερομένων ὀργανώσεων.
ΜΙΚΡΑΙ ΕΙΔΗΣΕΙΣ ΑΠΟ ΤΑΣ ΕΠΑΡΧΙΑΣ
ΑΠΟ ΤΑΣ ΣΕΡΡΑΣ
Ἡ κυβέρνησις ἀπεφάσισε νά λάβη τά ἀναγκαῖα μέτρα διά τήν ἐξυγίανσιν τῆς καταστάσεως, ἐν ὄψει τῶν ἐπικειμένων ἐξελίξεων. Κατά πληροφορίας ἐξ ἁρμοδίων πηγῶν, αἱ σχετικαί ἀποφάσεις θά ληφθοῦν ἐντός τῶν προσεχῶν ἡμερῶν, μετά τήν ὁλοκλήρωσιν τῶν συσκέψεων τῶν ἁρμοδίων ὑπηρεσιῶν καί τῶν ἐκπροσώπων τῶν ἐνδιαφερομένων ὀργανώσεων.
ΑΠΟ ΤΗΝ ΚΑΤΕΡΙΝΗΝ
Ἡ κυβέρνησις ἀπεφάσισε νά λάβη τά ἀναγκαῖα μέτρα διά τήν ἐξυγίανσιν τῆς καταστάσεως, ἐν ὄψει τῶν ἐπικειμένων ἐξελίξεων. Κατά πληροφορίας ἐξ ἁρμοδίων πηγῶν, αἱ σχετικαί ἀποφάσεις θά ληφθοῦν ἐντός τῶν προσεχῶν ἡμερῶν, μετά τήν ὁλοκλήρωσιν τῶν συσκέψεων τῶν ἁρμοδίων ὑπηρεσιῶν καί τῶν ἐκπροσώπων τῶν ἐνδιαφερομένων ὀργανώσεων.
